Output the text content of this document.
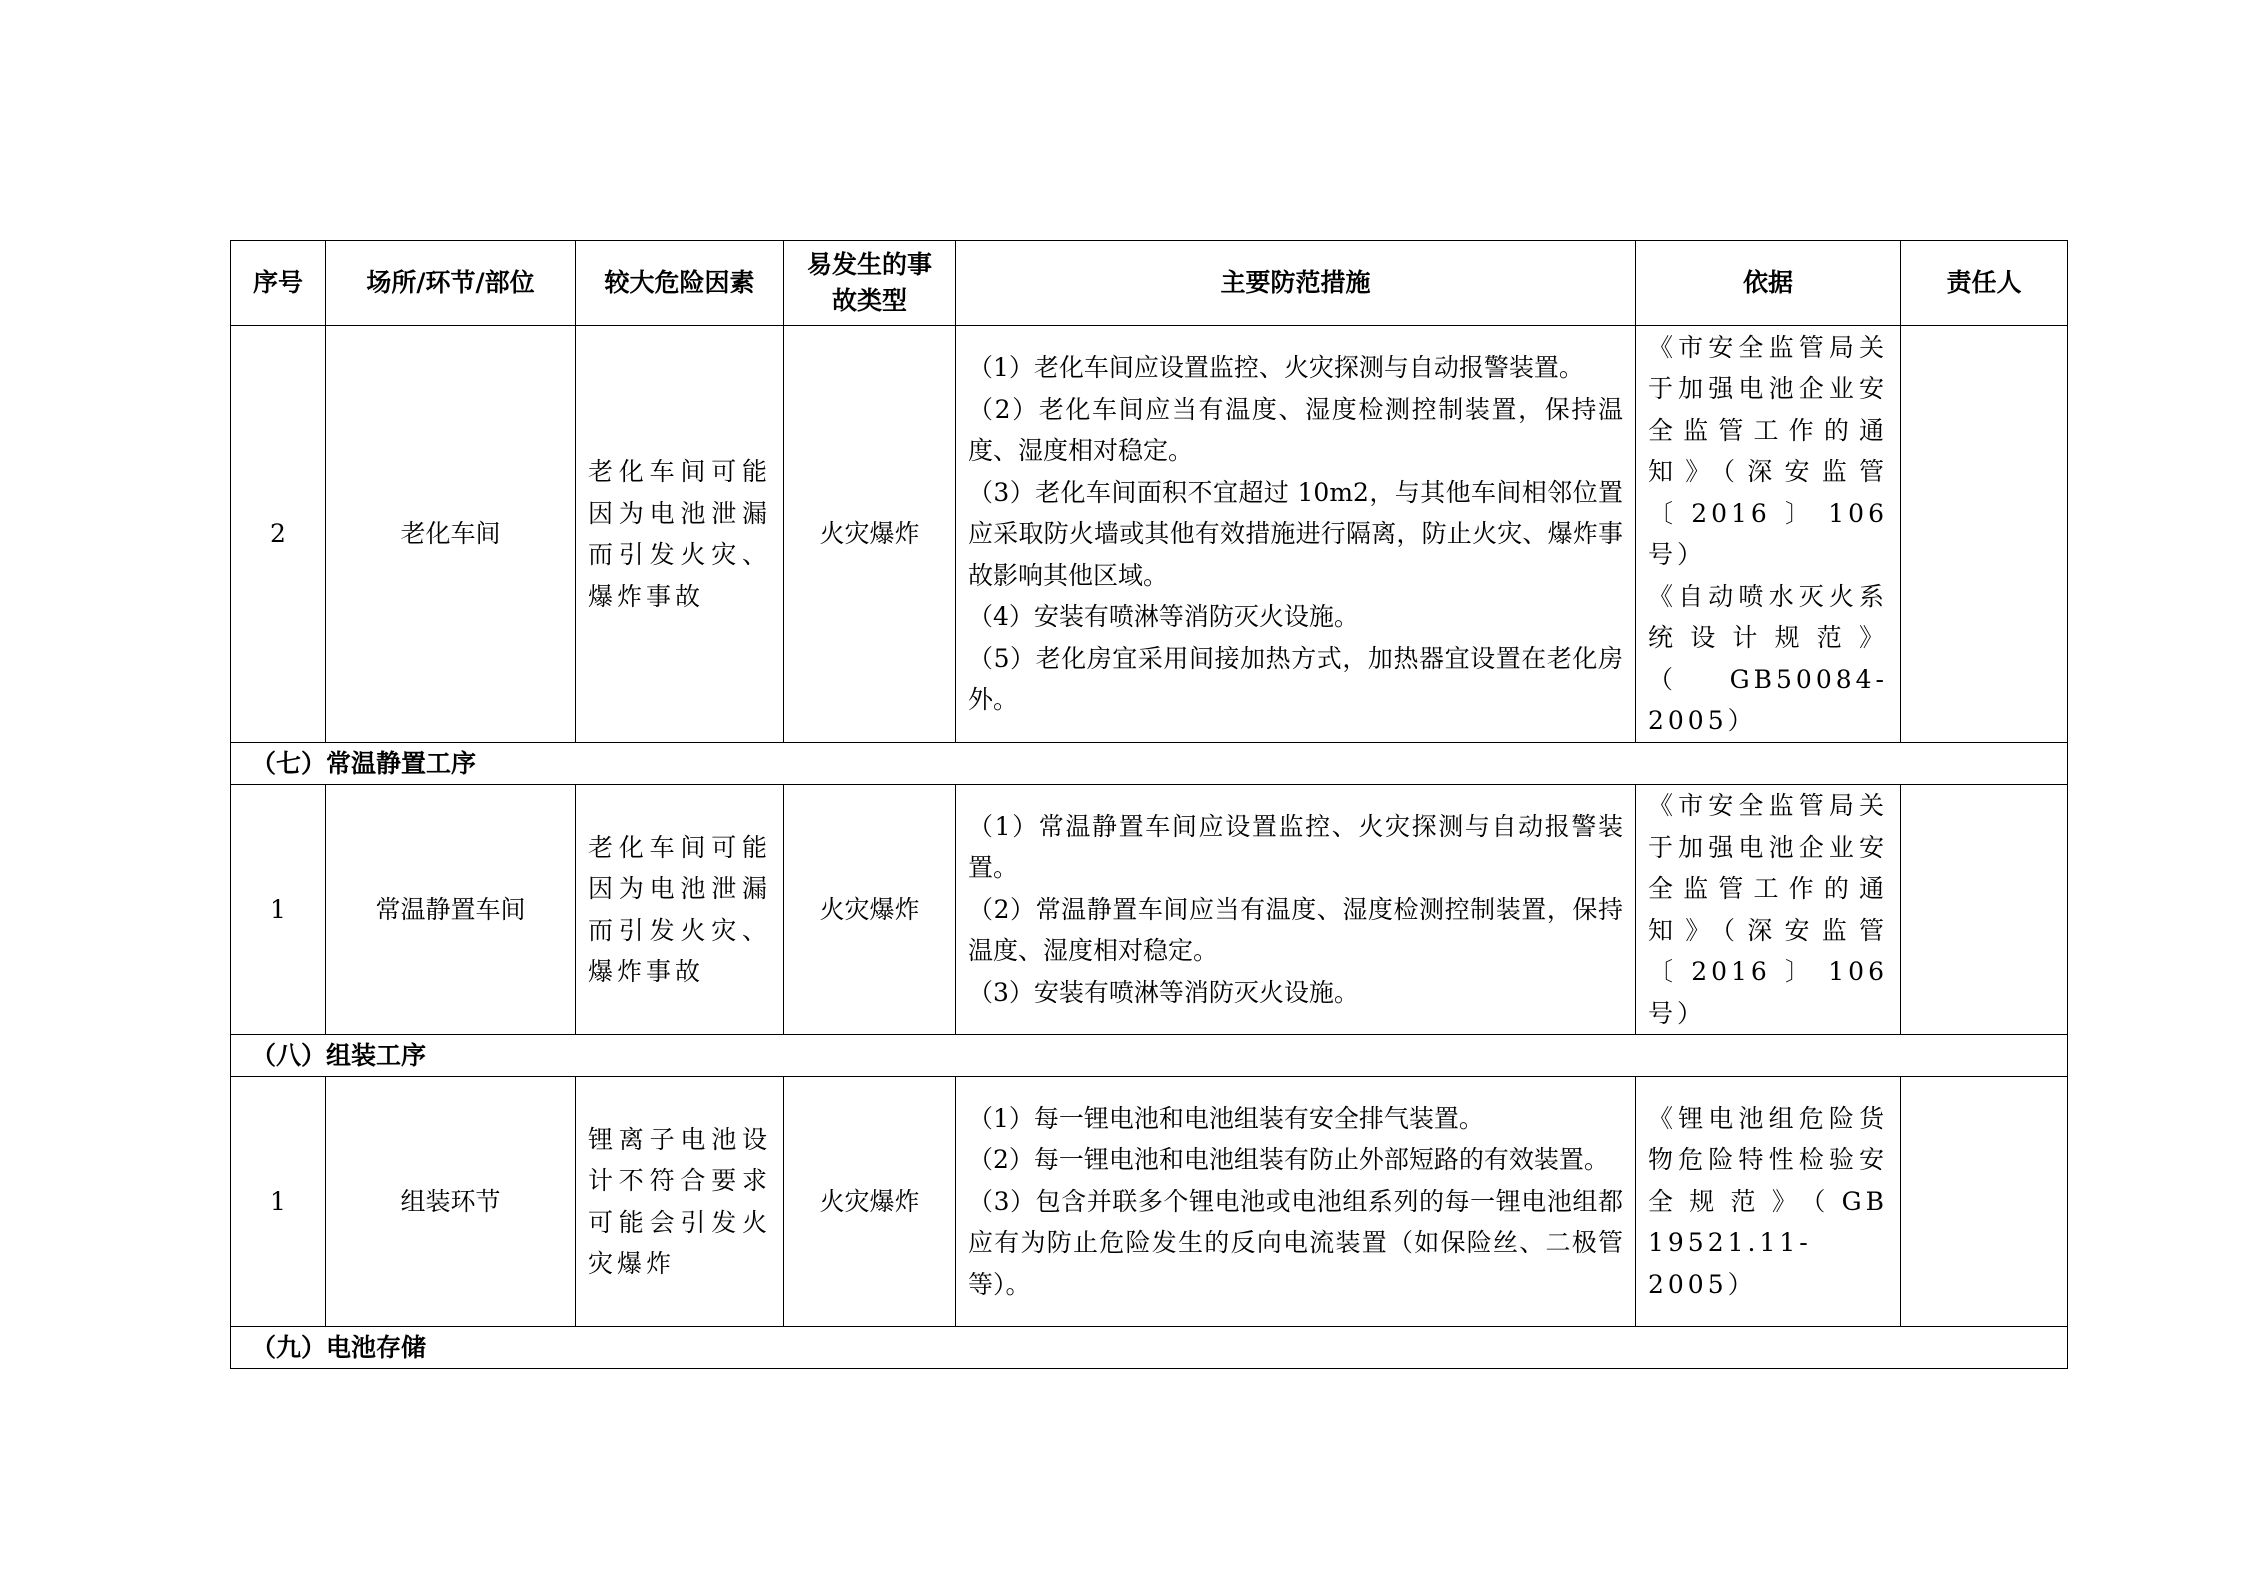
序号	场所/环节/部位	较大危险因素	易发生的事故类型	主要防范措施	依据	责任人
2	老化车间	老化车间可能因为电池泄漏而引发火灾、爆炸事故	火灾爆炸	（1）老化车间应设置监控、火灾探测与自动报警装置。
（2）老化车间应当有温度、湿度检测控制装置，保持温度、湿度相对稳定。
（3）老化车间面积不宜超过 10m2，与其他车间相邻位置应采取防火墙或其他有效措施进行隔离，防止火灾、爆炸事故影响其他区域。
（4）安装有喷淋等消防灭火设施。
（5）老化房宜采用间接加热方式，加热器宜设置在老化房外。	《市安全监管局关于加强电池企业安全监管工作的通知》（深安监管〔2016〕106 号）
《自动喷水灭火系统设计规范》（GB50084-2005）	

（七）常温静置工序						
1	常温静置车间	老化车间可能因为电池泄漏而引发火灾、爆炸事故	火灾爆炸	（1）常温静置车间应设置监控、火灾探测与自动报警装置。
（2）常温静置车间应当有温度、湿度检测控制装置，保持温度、湿度相对稳定。
（3）安装有喷淋等消防灭火设施。	《市安全监管局关于加强电池企业安全监管工作的通知》（深安监管〔2016〕106 号）	

（八）组装工序						
1	组装环节	锂离子电池设计不符合要求可能会引发火灾爆炸	火灾爆炸	（1）每一锂电池和电池组装有安全排气装置。
（2）每一锂电池和电池组装有防止外部短路的有效装置。
（3）包含并联多个锂电池或电池组系列的每一锂电池组都应有为防止危险发生的反向电流装置（如保险丝、二极管等）。	《锂电池组危险货物危险特性检验安全规范》（GB 19521.11-2005）	

（九）电池存储						
